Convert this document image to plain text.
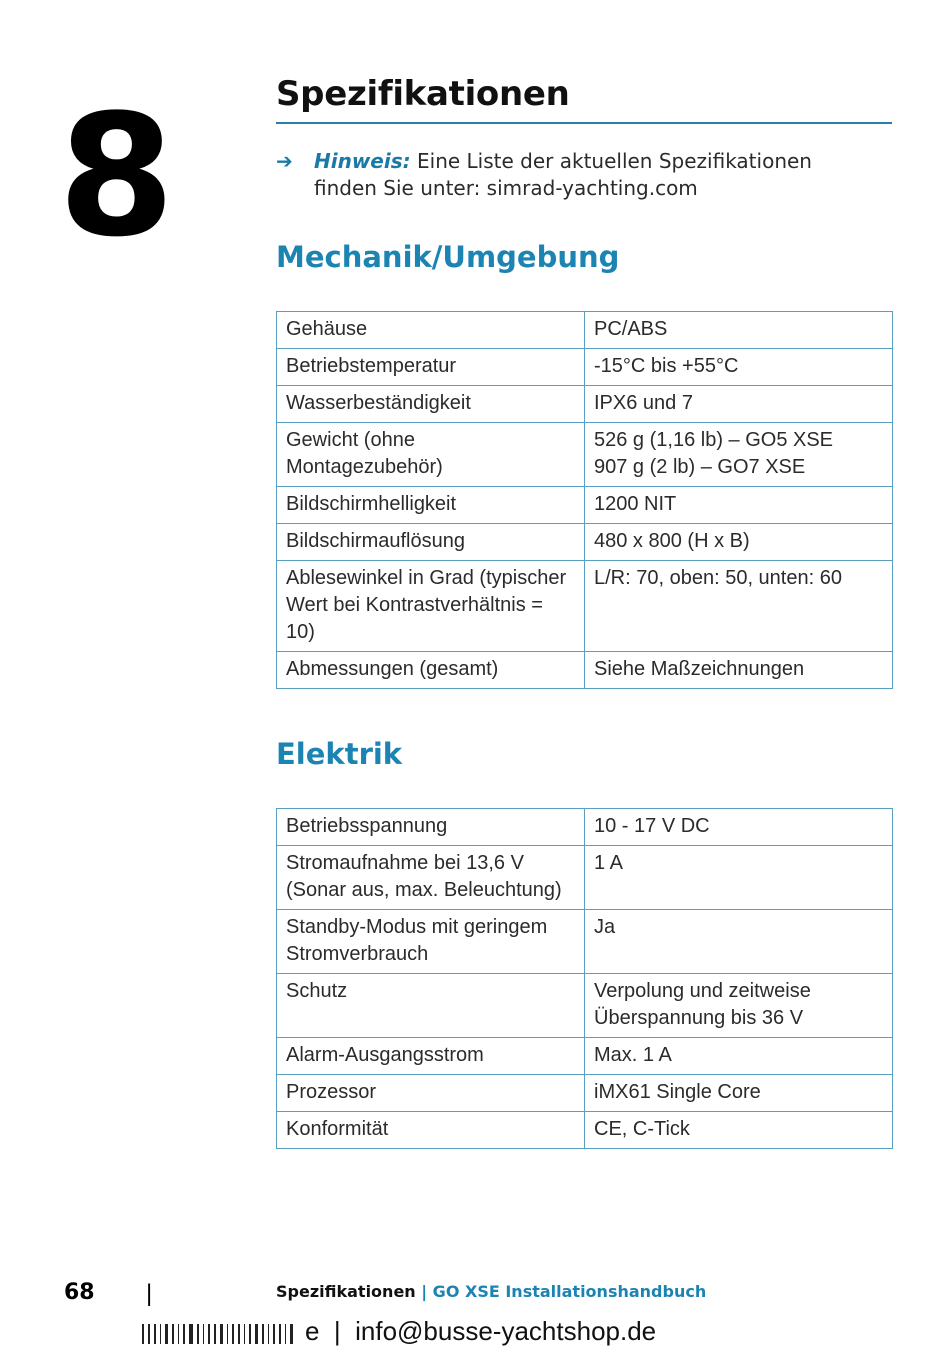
8	Spezifikationen
➔ Hinweis: Eine Liste der aktuellen Spezifikationen finden Sie unter: simrad-yachting.com
Mechanik/Umgebung
Gehäuse	PC/ABS
Betriebstemperatur	-15°C bis +55°C
Wasserbeständigkeit	IPX6 und 7
Gewicht (ohne Montagezubehör)	526 g (1,16 lb) – GO5 XSE
907 g (2 lb) – GO7 XSE
Bildschirmhelligkeit	1200 NIT
Bildschirmauflösung	480 x 800 (H x B)
Ablesewinkel in Grad (typischer Wert bei Kontrastverhältnis = 10)	L/R: 70, oben: 50, unten: 60
Abmessungen (gesamt)	Siehe Maßzeichnungen
Elektrik
Betriebsspannung	10 - 17 V DC
Stromaufnahme bei 13,6 V (Sonar aus, max. Beleuchtung)	1 A
Standby-Modus mit geringem Stromverbrauch	Ja
Schutz	Verpolung und zeitweise Überspannung bis 36 V
Alarm-Ausgangsstrom	Max. 1 A
Prozessor	iMX61 Single Core
Konformität	CE, C-Tick
68 |	Spezifikationen | GO XSE Installationshandbuch
e  |  info@busse-yachtshop.de
